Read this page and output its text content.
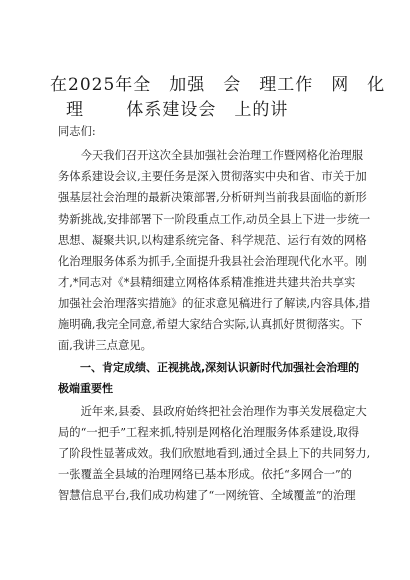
在2025年全　加强　会　理工作　网　化
理　　 体系建设会　上的讲
同志们:
　　今天我们召开这次全县加强社会治理工作暨网格化治理服
务体系建设会议,主要任务是深入贯彻落实中央和省、市关于加
强基层社会治理的最新决策部署,分析研判当前我县面临的新形
势新挑战,安排部署下一阶段重点工作,动员全县上下进一步统一
思想、凝聚共识,以构建系统完备、科学规范、运行有效的网格
化治理服务体系为抓手,全面提升我县社会治理现代化水平。刚
才,*同志对《*县精细建立网格体系精准推进共建共治共享实
加强社会治理落实措施》的征求意见稿进行了解读,内容具体,措
施明确,我完全同意,希望大家结合实际,认真抓好贯彻落实。下
面,我讲三点意见。
　　一、肯定成绩、正视挑战,深刻认识新时代加强社会治理的
极端重要性
　　近年来,县委、县政府始终把社会治理作为事关发展稳定大
局的“一把手”工程来抓,特别是网格化治理服务体系建设,取得
了阶段性显著成效。我们欣慰地看到,通过全县上下的共同努力,
一张覆盖全县域的治理网络已基本形成。依托“多网合一”的
智慧信息平台,我们成功构建了“一网统管、全域覆盖”的治理
